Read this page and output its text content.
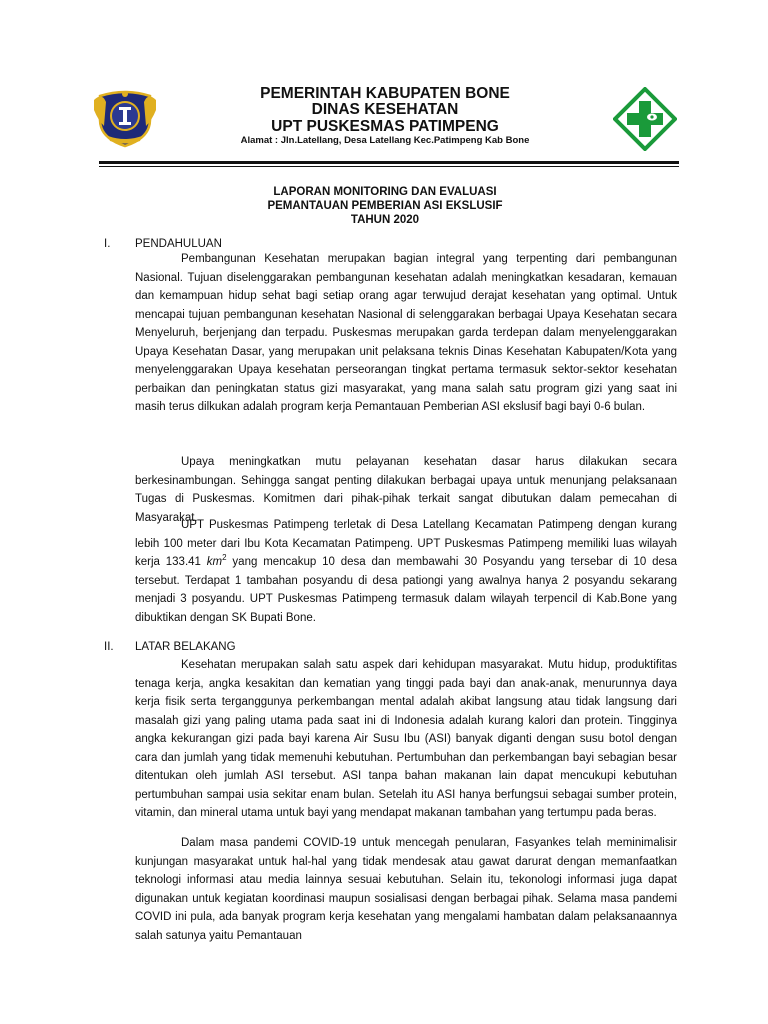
PEMERINTAH KABUPATEN BONE
DINAS KESEHATAN
UPT PUSKESMAS PATIMPENG
Alamat : Jln.Latellang, Desa Latellang Kec.Patimpeng Kab Bone
LAPORAN MONITORING DAN EVALUASI
PEMANTAUAN PEMBERIAN ASI EKSLUSIF
TAHUN 2020
I. PENDAHULUAN

Pembangunan Kesehatan merupakan bagian integral yang terpenting dari pembangunan Nasional. Tujuan diselenggarakan pembangunan kesehatan adalah meningkatkan kesadaran, kemauan dan kemampuan hidup sehat bagi setiap orang agar terwujud derajat kesehatan yang optimal. Untuk mencapai tujuan pembangunan kesehatan Nasional di selenggarakan berbagai Upaya Kesehatan secara Menyeluruh, berjenjang dan terpadu. Puskesmas merupakan garda terdepan dalam menyelenggarakan Upaya Kesehatan Dasar, yang merupakan unit pelaksana teknis Dinas Kesehatan Kabupaten/Kota yang menyelenggarakan Upaya kesehatan perseorangan tingkat pertama termasuk sektor-sektor kesehatan perbaikan dan peningkatan status gizi masyarakat, yang mana salah satu program gizi yang saat ini masih terus dilkukan adalah program kerja Pemantauan Pemberian ASI ekslusif bagi bayi 0-6 bulan.

Upaya meningkatkan mutu pelayanan kesehatan dasar harus dilakukan secara berkesinambungan. Sehingga sangat penting dilakukan berbagai upaya untuk menunjang pelaksanaan Tugas di Puskesmas. Komitmen dari pihak-pihak terkait sangat dibutukan dalam pemecahan di Masyarakat.

UPT Puskesmas Patimpeng terletak di Desa Latellang Kecamatan Patimpeng dengan kurang lebih 100 meter dari Ibu Kota Kecamatan Patimpeng. UPT Puskesmas Patimpeng memiliki luas wilayah kerja 133.41 $km^2$ yang mencakup 10 desa dan membawahi 30 Posyandu yang tersebar di 10 desa tersebut. Terdapat 1 tambahan posyandu di desa pationgi yang awalnya hanya 2 posyandu sekarang menjadi 3 posyandu. UPT Puskesmas Patimpeng termasuk dalam wilayah terpencil di Kab.Bone yang dibuktikan dengan SK Bupati Bone.

II. LATAR BELAKANG

Kesehatan merupakan salah satu aspek dari kehidupan masyarakat. Mutu hidup, produktifitas tenaga kerja, angka kesakitan dan kematian yang tinggi pada bayi dan anak-anak, menurunnya daya kerja fisik serta terganggunya perkembangan mental adalah akibat langsung atau tidak langsung dari masalah gizi yang paling utama pada saat ini di Indonesia adalah kurang kalori dan protein. Tingginya angka kekurangan gizi pada bayi karena Air Susu Ibu (ASI) banyak diganti dengan susu botol dengan cara dan jumlah yang tidak memenuhi kebutuhan. Pertumbuhan dan perkembangan bayi sebagian besar ditentukan oleh jumlah ASI tersebut. ASI tanpa bahan makanan lain dapat mencukupi kebutuhan pertumbuhan sampai usia sekitar enam bulan. Setelah itu ASI hanya berfungsui sebagai sumber protein, vitamin, dan mineral utama untuk bayi yang mendapat makanan tambahan yang tertumpu pada beras.

Dalam masa pandemi COVID-19 untuk mencegah penularan, Fasyankes telah meminimalisir kunjungan masyarakat untuk hal-hal yang tidak mendesak atau gawat darurat dengan memanfaatkan teknologi informasi atau media lainnya sesuai kebutuhan. Selain itu, tekonologi informasi juga dapat digunakan untuk kegiatan koordinasi maupun sosialisasi dengan berbagai pihak. Selama masa pandemi COVID ini pula, ada banyak program kerja kesehatan yang mengalami hambatan dalam pelaksanaannya salah satunya yaitu Pemantauan
